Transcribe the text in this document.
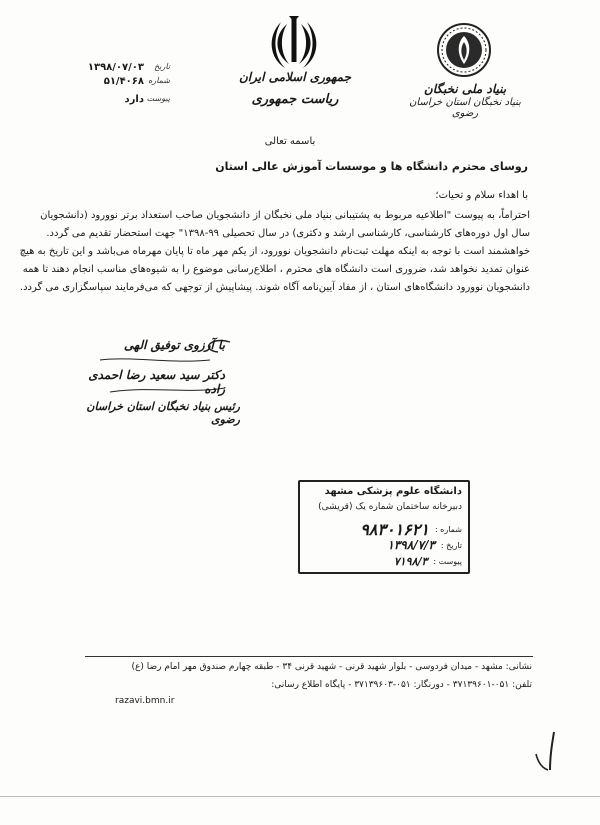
بنیاد ملی نخبگان
بنیاد نخبگان استان خراسان رضوی
جمهوری اسلامی ایران
ریاست جمهوری
تاریخ
۱۳۹۸/۰۷/۰۳
شماره
۵۱/۴۰۶۸
پیوست
دارد
باسمه تعالی
روسای محترم دانشگاه ها و موسسات آموزش عالی استان
با اهداء سلام و تحیات؛
احتراماً، به پیوست "اطلاعیه مربوط به پشتیبانی بنیاد ملی نخبگان از دانشجویان صاحب استعداد برتر نوورود (دانشجویان
سال اول دوره‌های کارشناسی، کارشناسی ارشد و دکتری) در سال تحصیلی ۹۹-۱۳۹۸" جهت استحضار تقدیم می گردد.
خواهشمند است با توجه به اینکه مهلت ثبت‌نام دانشجویان نوورود، از یکم مهر ماه تا پایان مهرماه می‌باشد و این تاریخ به هیچ
عنوان تمدید نخواهد شد، ضروری است دانشگاه های محترم ، اطلاع‌رسانی موضوع را به شیوه‌های مناسب انجام دهند تا همه
دانشجویان نوورود دانشگاه‌های استان ، از مفاد آیین‌نامه آگاه شوند. پیشاپیش از توجهی که می‌فرمایند سپاسگزاری می گردد.
با آرزوی توفیق الهی
دکتر سید سعید رضا احمدی زاده
رئیس بنیاد نخبگان استان خراسان رضوی
دانشگاه علوم پزشکی مشهد
دبیرخانه ساختمان شماره یک (قریشی)
شماره :
۹۸۳۰۱۶۲۱
تاریخ :
۱۳۹۸/۷/۳
پیوست :
۷۱۹۸/۳
نشانی: مشهد - میدان فردوسی - بلوار شهید قرنی - شهید قرنی ۳۴ - طبقه چهارم صندوق مهر امام رضا (ع)
تلفن: ۰۵۱-۳۷۱۳۹۶۰۱ - دورنگار: ۰۵۱-۳۷۱۳۹۶۰۳ - پایگاه اطلاع رسانی:
razavi.bmn.ir
